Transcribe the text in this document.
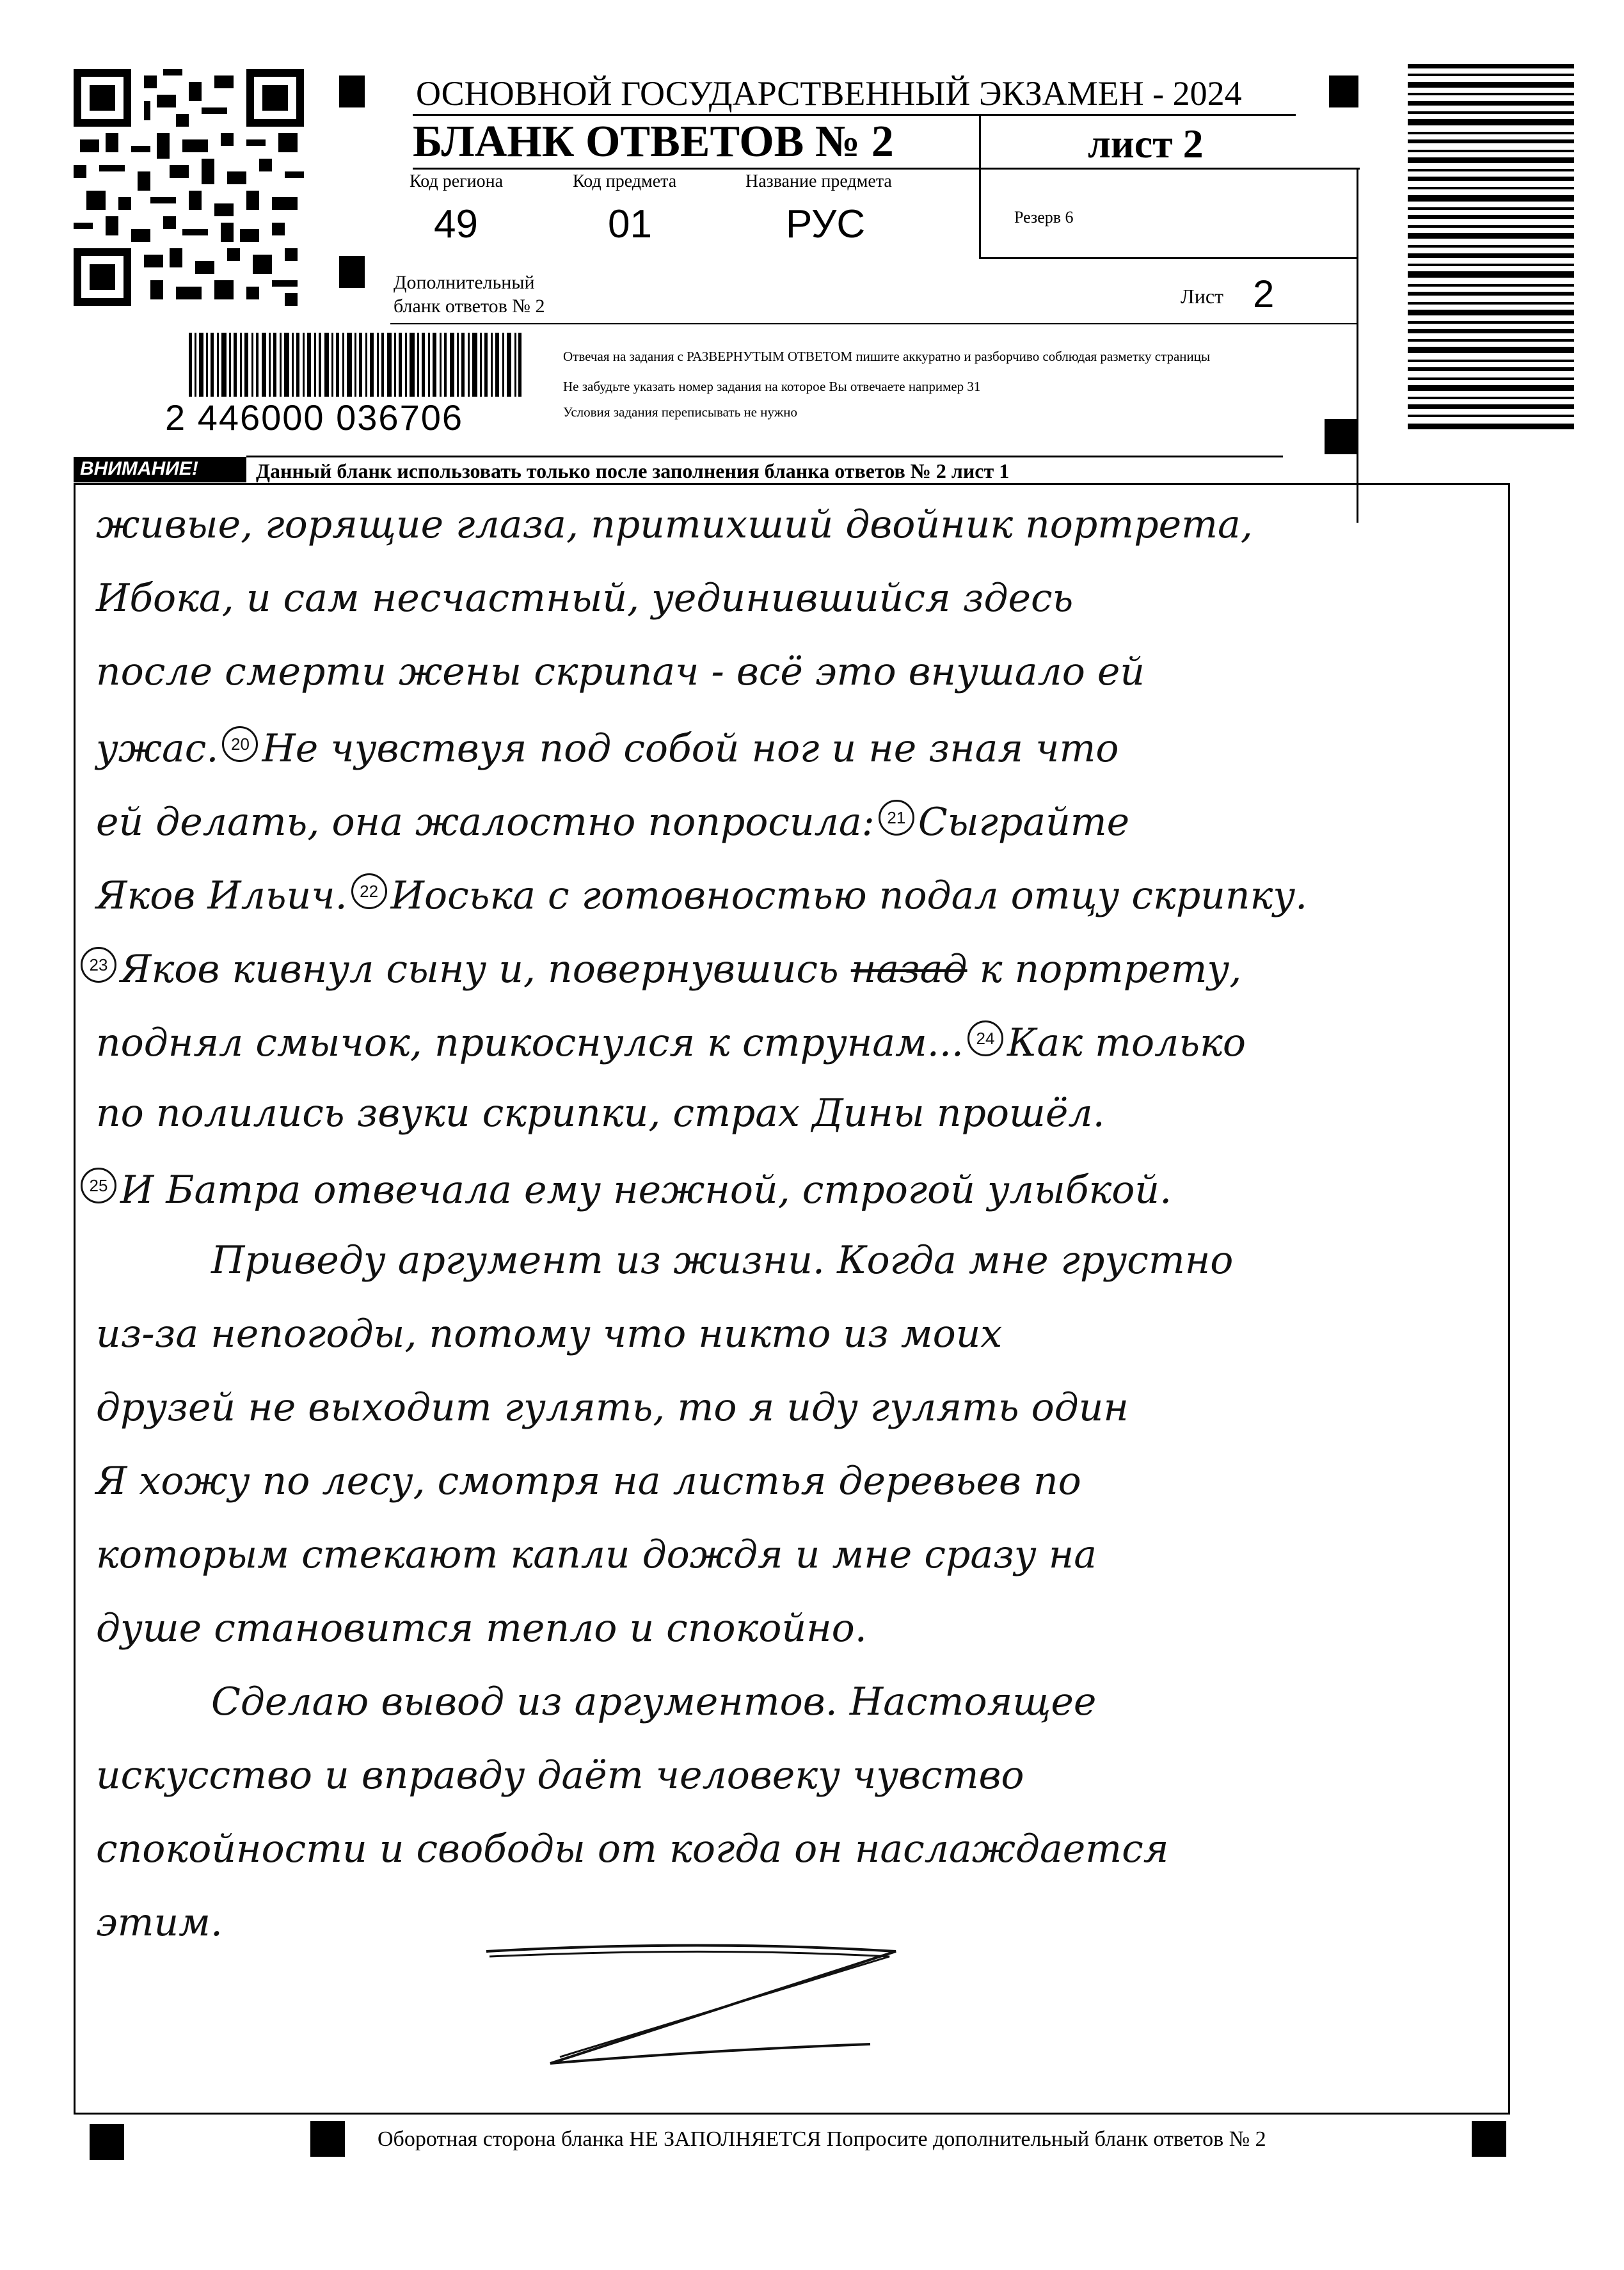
ОСНОВНОЙ ГОСУДАРСТВЕННЫЙ ЭКЗАМЕН - 2024
БЛАНК ОТВЕТОВ № 2	лист 2
Код региона
49
Код предмета
01
Название предмета
РУС	Резерв 6
Дополнительный
бланк ответов № 2	Лист 2
2 446000 036706
Отвечая на задания с РАЗВЕРНУТЫМ ОТВЕТОМ пишите аккуратно и разборчиво соблюдая разметку страницы
Не забудьте указать номер задания на которое Вы отвечаете например 31
Условия задания переписывать не нужно
ВНИМАНИЕ!	Данный бланк использовать только после заполнения бланка ответов № 2 лист 1
живые, горящие глаза, притихший двойник портрета,
Ибока, и сам несчастный, уединившийся здесь
после смерти жены скрипач - всё это внушало ей
ужас. 20 Не чувствуя под собой ног и не зная что
ей делать, она жалостно попросила: 21 Сыграйте
Яков Ильич. 22 Иоська с готовностью подал отцу скрипку.
23 Яков кивнул сыну и, повернувшись назад к портрету,
поднял смычок, прикоснулся к струнам... 24 Как только
по полились звуки скрипки, страх Дины прошёл.
25 И Батра отвечала ему нежной, строгой улыбкой.
Приведу аргумент из жизни. Когда мне грустно
из-за непогоды, потому что никто из моих
друзей не выходит гулять, то я иду гулять один
Я хожу по лесу, смотря на листья деревьев по
которым стекают капли дождя и мне сразу на
душе становится тепло и спокойно.
Сделаю вывод из аргументов. Настоящее
искусство и вправду даёт человеку чувство
спокойности и свободы от когда он наслаждается
этим.
Оборотная сторона бланка НЕ ЗАПОЛНЯЕТСЯ Попросите дополнительный бланк ответов № 2
